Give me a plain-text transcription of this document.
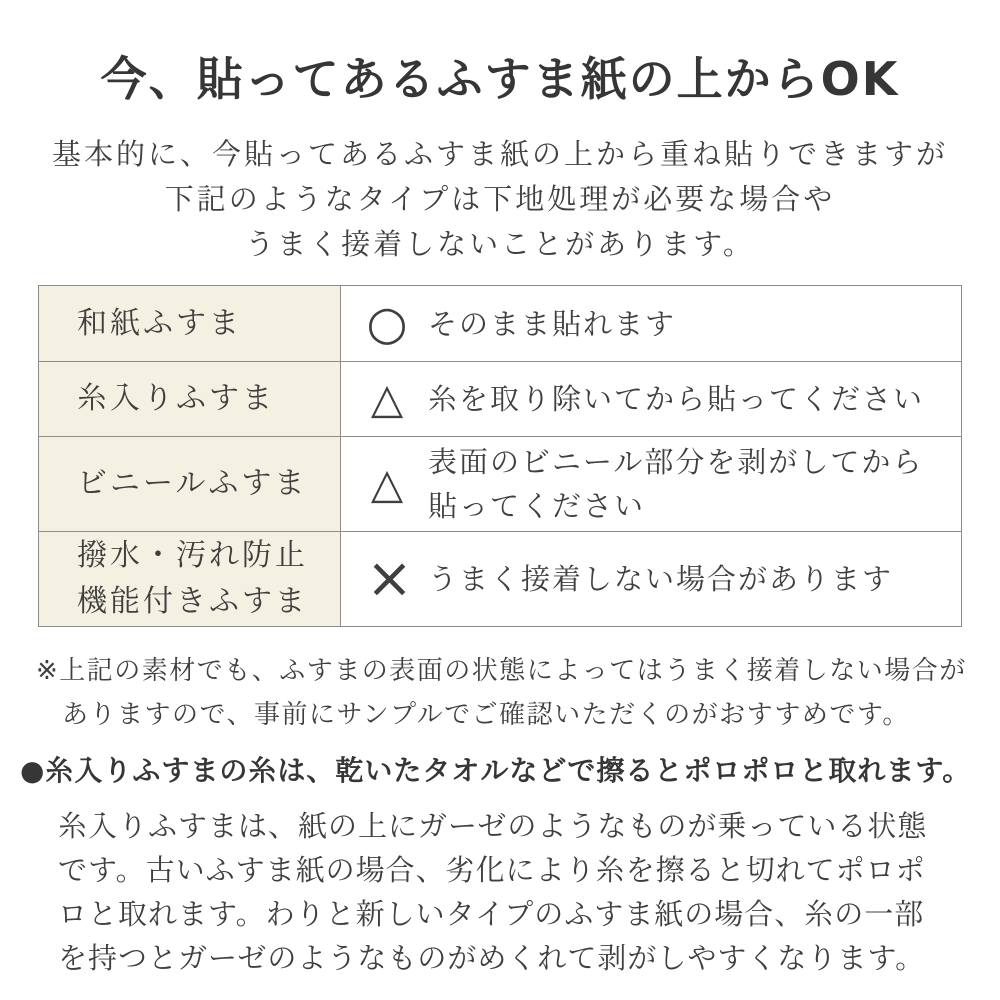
今、貼ってあるふすま紙の上からOK
基本的に、今貼ってあるふすま紙の上から重ね貼りできますが
下記のようなタイプは下地処理が必要な場合や
うまく接着しないことがあります。
和紙ふすま	○ そのまま貼れます
糸入りふすま △ 糸を取り除いてから貼ってください
ビニールふすま △ 表面のビニール部分を剥がしてから
貼ってください
撥水・汚れ防止
機能付きふすま × うまく接着しない場合があります
※上記の素材でも、ふすまの表面の状態によってはうまく接着しない場合が
ありますので、事前にサンプルでご確認いただくのがおすすめです。
●糸入りふすまの糸は、乾いたタオルなどで擦るとポロポロと取れます。
糸入りふすまは、紙の上にガーゼのようなものが乗っている状態
です。古いふすま紙の場合、劣化により糸を擦ると切れてポロポ
ロと取れます。わりと新しいタイプのふすま紙の場合、糸の一部
を持つとガーゼのようなものがめくれて剥がしやすくなります。
